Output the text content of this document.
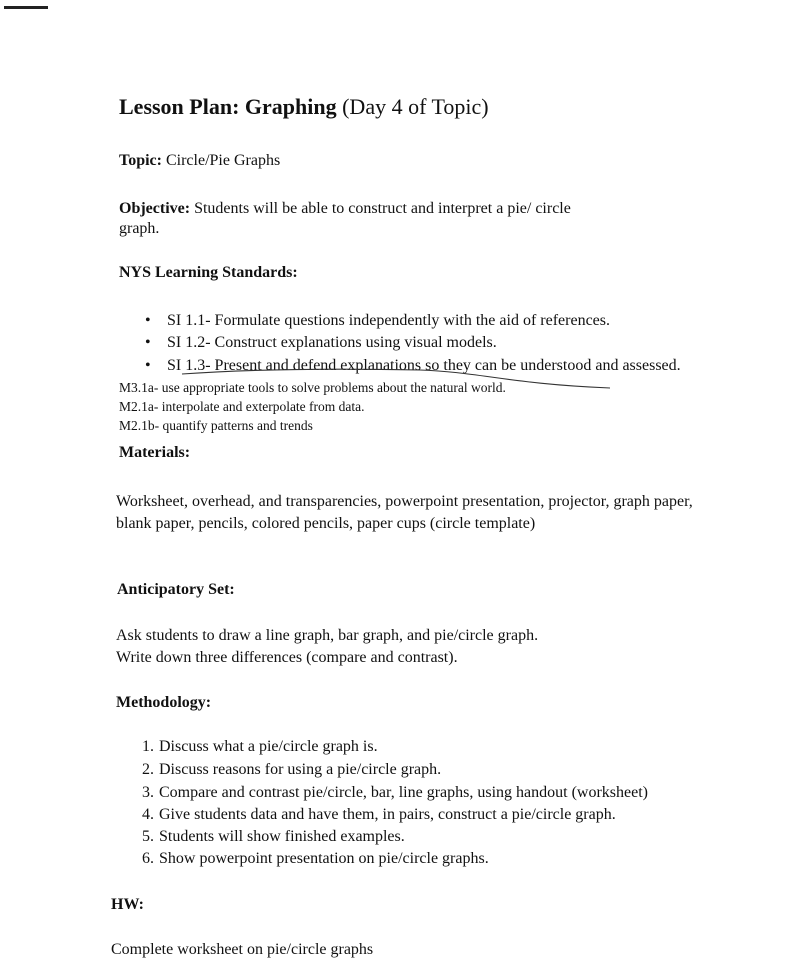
Lesson Plan: Graphing (Day 4 of Topic)
Topic: Circle/Pie Graphs
Objective: Students will be able to construct and interpret a pie/ circle
graph.
NYS Learning Standards:
• SI 1.1- Formulate questions independently with the aid of references.
• SI 1.2- Construct explanations using visual models.
• SI 1.3- Present and defend explanations so they can be understood and assessed.
M3.1a- use appropriate tools to solve problems about the natural world.
M2.1a- interpolate and exterpolate from data.
M2.1b- quantify patterns and trends
Materials:
Worksheet, overhead, and transparencies, powerpoint presentation, projector, graph paper,
blank paper, pencils, colored pencils, paper cups (circle template)
Anticipatory Set:
Ask students to draw a line graph, bar graph, and pie/circle graph.
Write down three differences (compare and contrast).
Methodology:
1. Discuss what a pie/circle graph is.
2. Discuss reasons for using a pie/circle graph.
3. Compare and contrast pie/circle, bar, line graphs, using handout (worksheet)
4. Give students data and have them, in pairs, construct a pie/circle graph.
5. Students will show finished examples.
6. Show powerpoint presentation on pie/circle graphs.
HW:
Complete worksheet on pie/circle graphs
